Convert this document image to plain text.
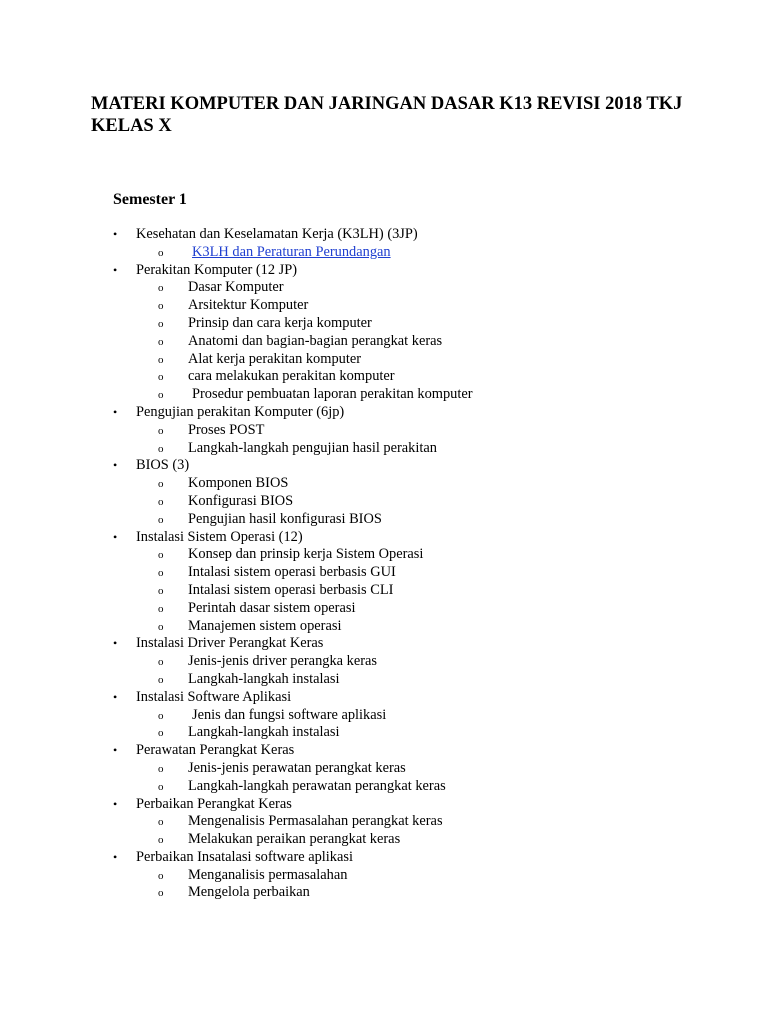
MATERI KOMPUTER DAN JARINGAN DASAR K13 REVISI 2018 TKJ KELAS X
Semester 1
• Kesehatan dan Keselamatan Kerja (K3LH) (3JP)
o K3LH dan Peraturan Perundangan
• Perakitan Komputer (12 JP)
o Dasar Komputer
o Arsitektur Komputer
o Prinsip dan cara kerja komputer
o Anatomi dan bagian-bagian perangkat keras
o Alat kerja perakitan komputer
o cara melakukan perakitan komputer
o Prosedur pembuatan laporan perakitan komputer
• Pengujian perakitan Komputer (6jp)
o Proses POST
o Langkah-langkah pengujian hasil perakitan
• BIOS (3)
o Komponen BIOS
o Konfigurasi BIOS
o Pengujian hasil konfigurasi BIOS
• Instalasi Sistem Operasi (12)
o Konsep dan prinsip kerja Sistem Operasi
o Intalasi sistem operasi berbasis GUI
o Intalasi sistem operasi berbasis CLI
o Perintah dasar sistem operasi
o Manajemen sistem operasi
• Instalasi Driver Perangkat Keras
o Jenis-jenis driver perangka keras
o Langkah-langkah instalasi
• Instalasi Software Aplikasi
o Jenis dan fungsi software aplikasi
o Langkah-langkah instalasi
• Perawatan Perangkat Keras
o Jenis-jenis perawatan perangkat keras
o Langkah-langkah perawatan perangkat keras
• Perbaikan Perangkat Keras
o Mengenalisis Permasalahan perangkat keras
o Melakukan peraikan perangkat keras
• Perbaikan Insatalasi software aplikasi
o Menganalisis permasalahan
o Mengelola perbaikan
